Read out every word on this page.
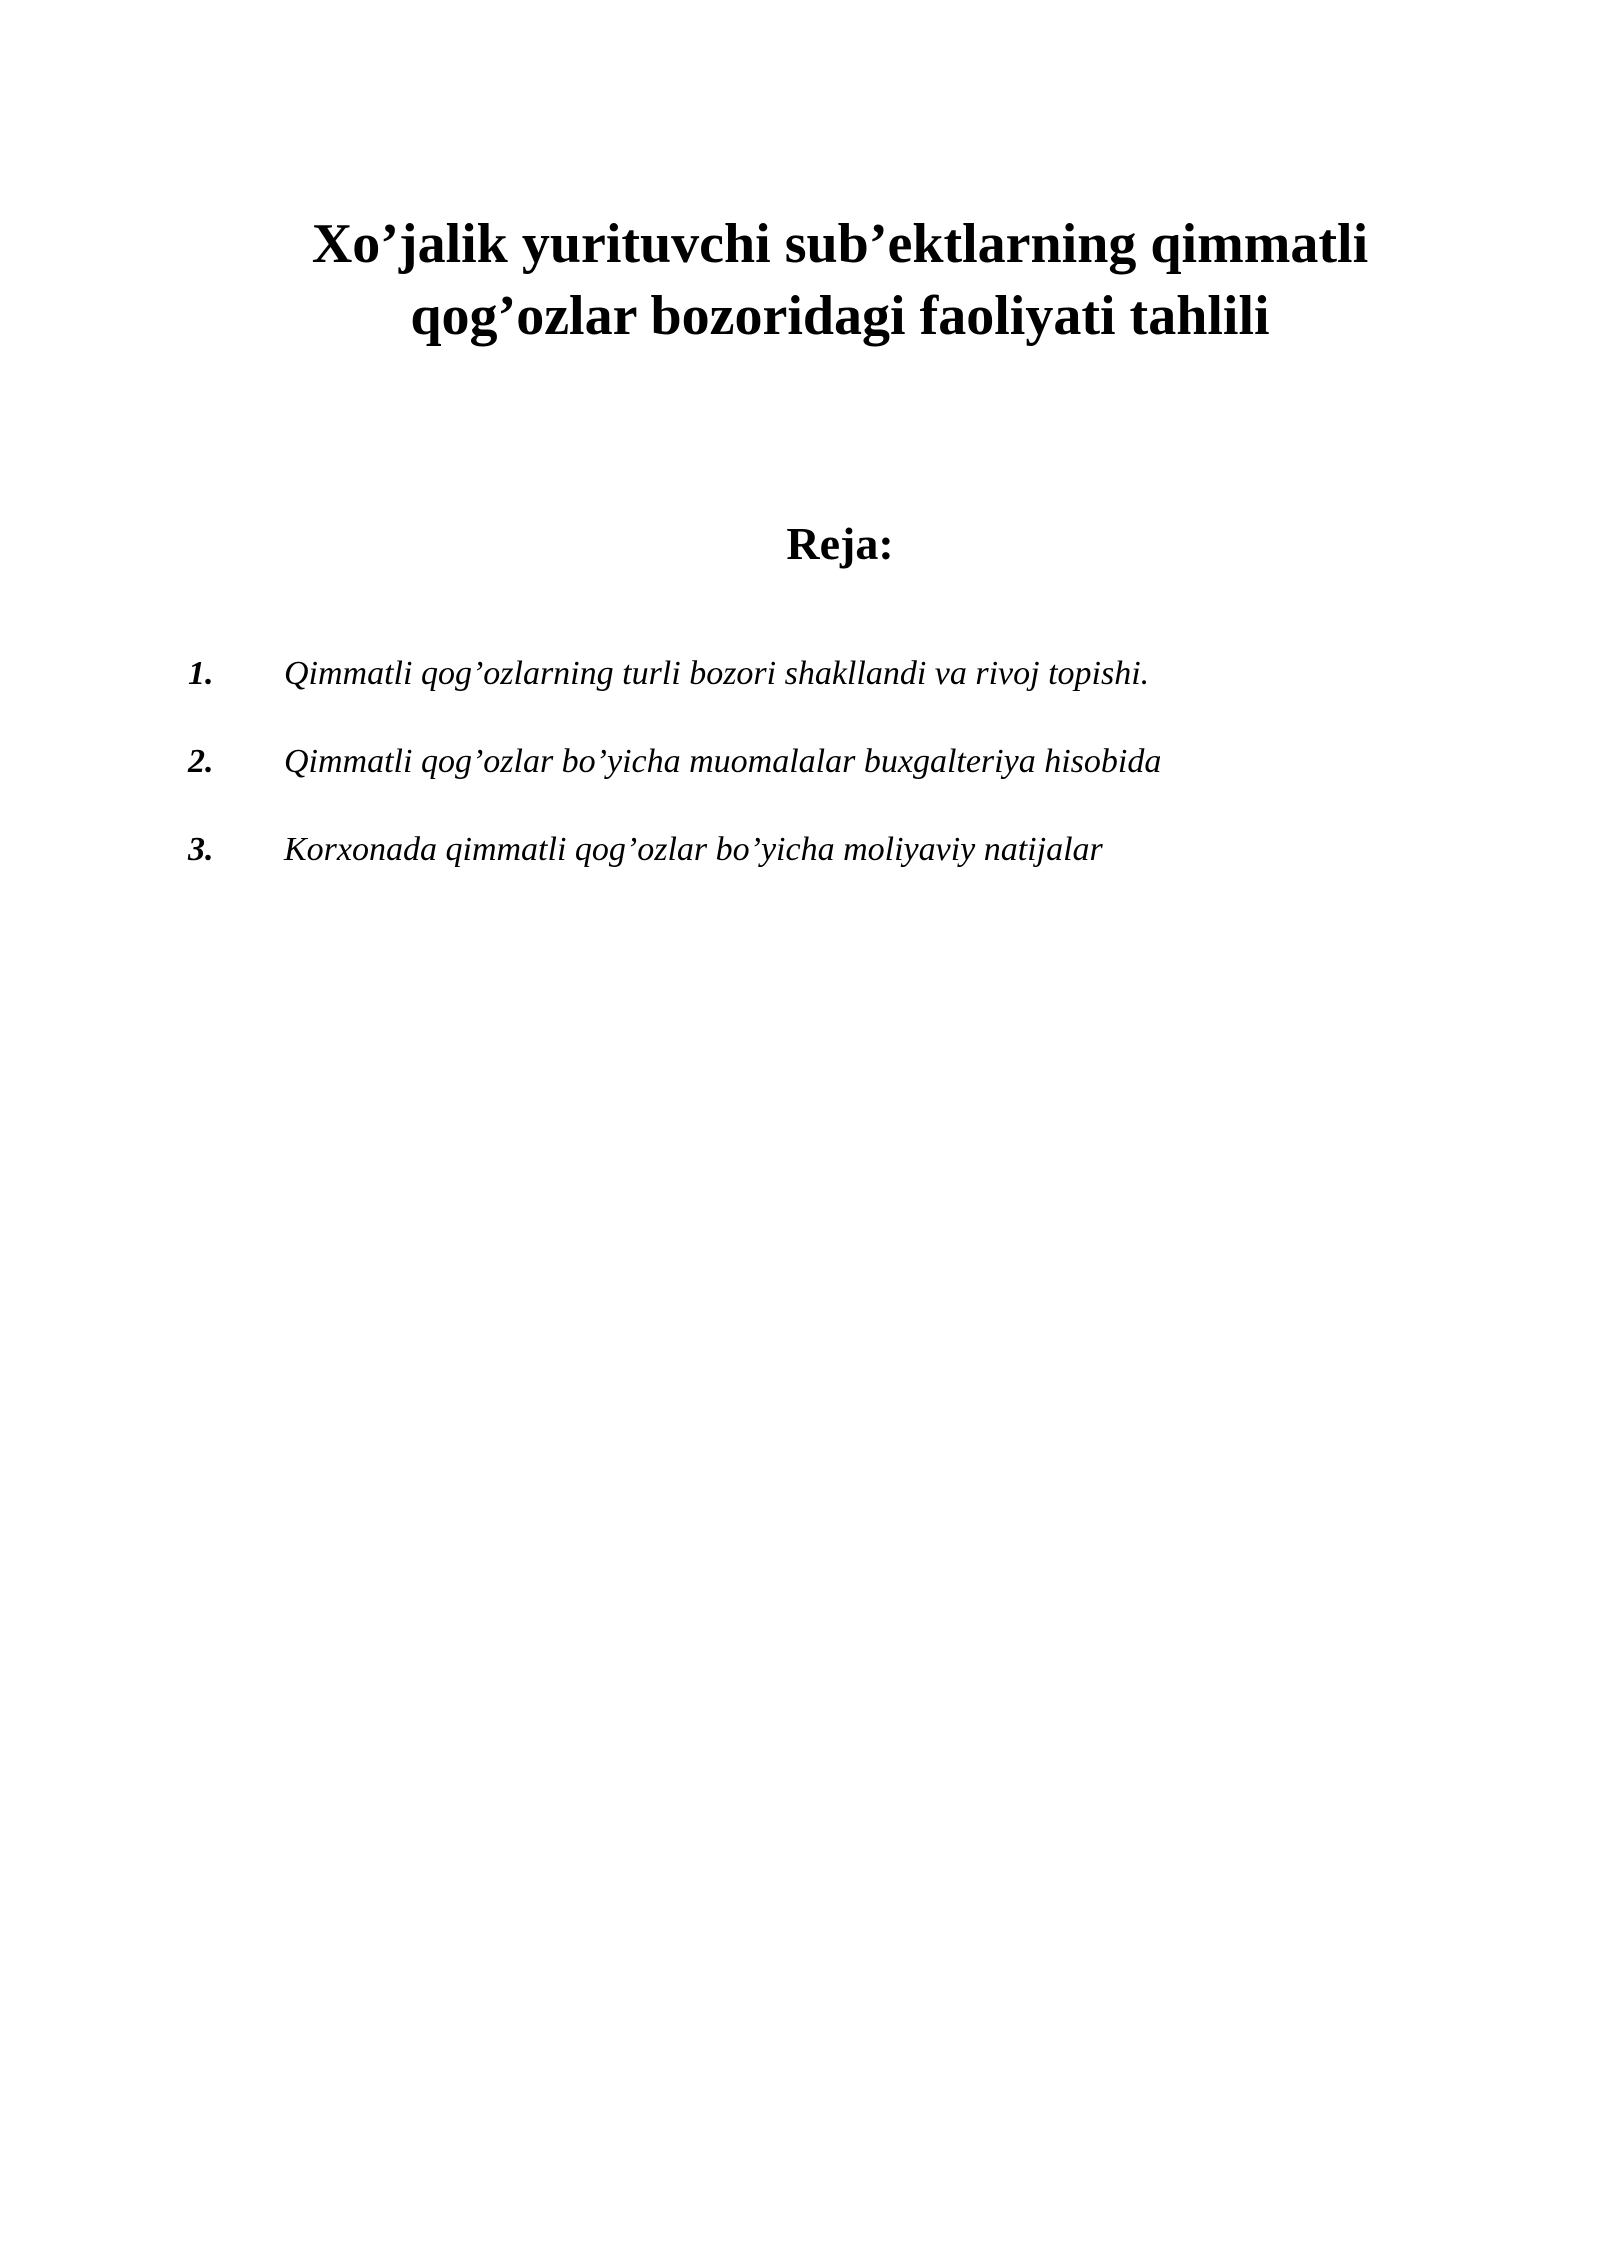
Xo’jalik yurituvchi sub’ektlarning qimmatli
qog’ozlar bozoridagi faoliyati tahlili
Reja:
1.	Qimmatli qog’ozlarning turli bozori shakllandi va rivoj topishi.
2.	Qimmatli qog’ozlar bo’yicha muomalalar buxgalteriya hisobida
3.	Korxonada qimmatli qog’ozlar bo’yicha moliyaviy natijalar
